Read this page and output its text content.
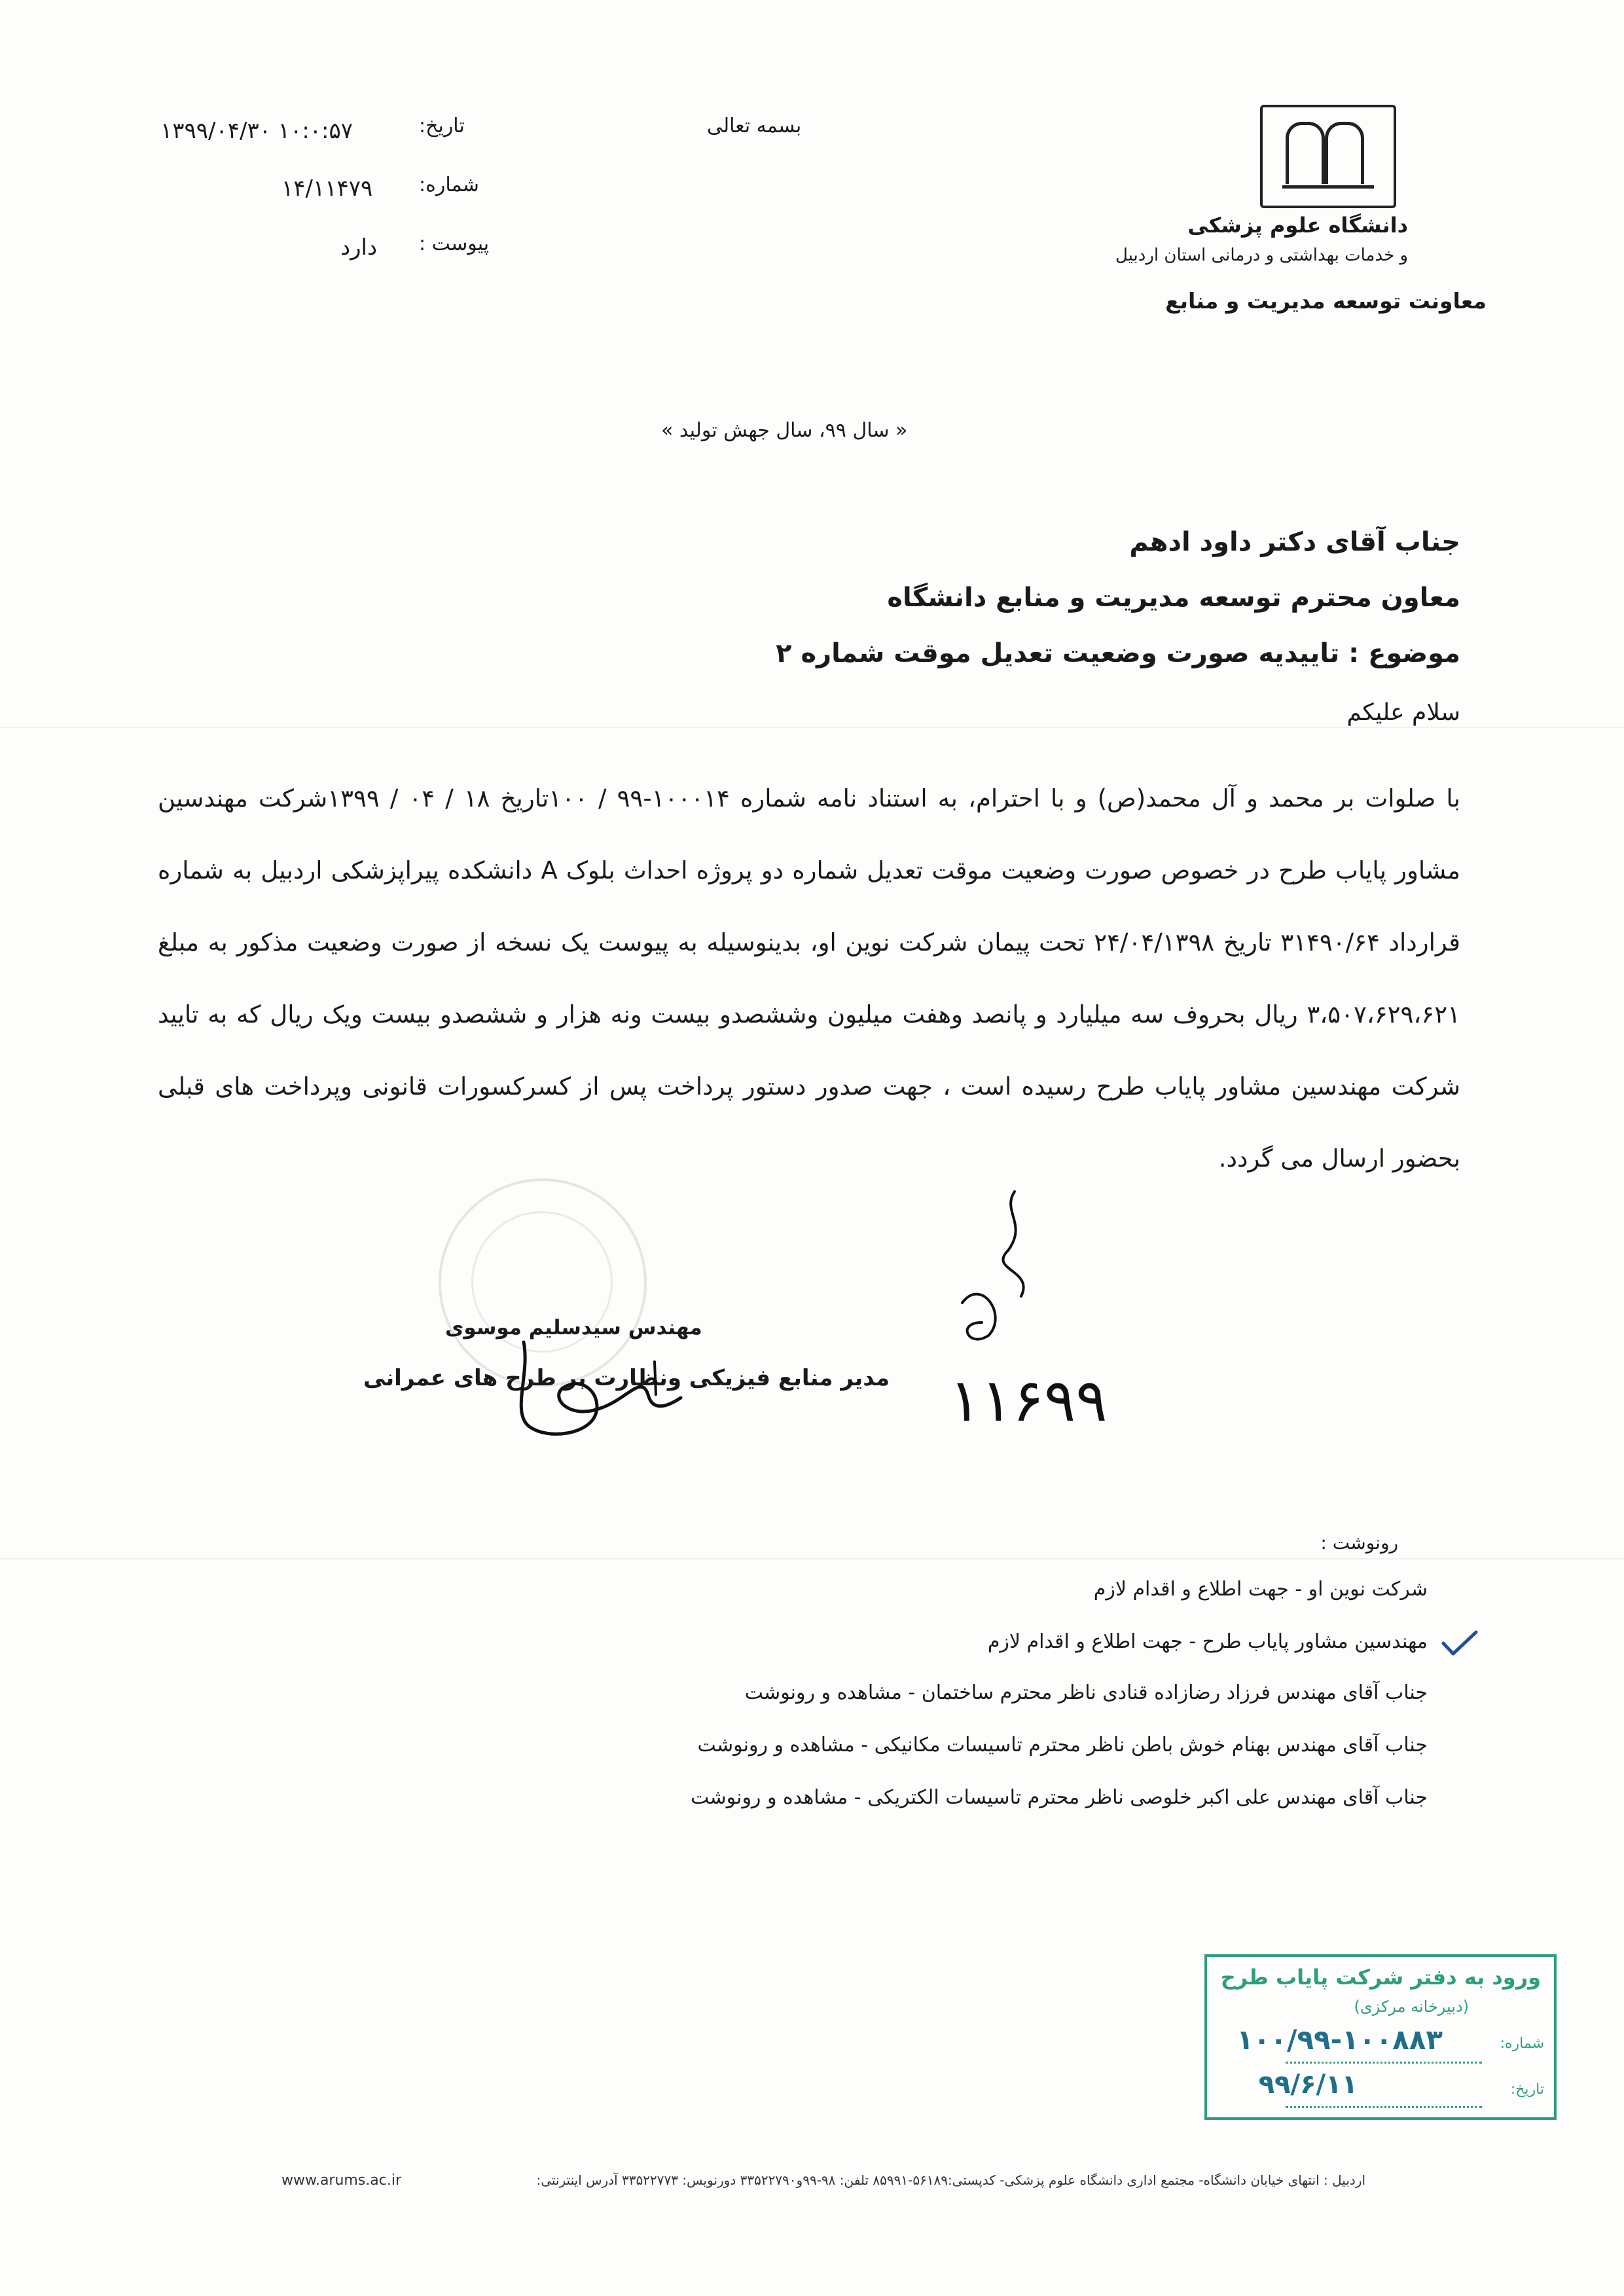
دانشگاه علوم پزشکی
و خدمات بهداشتی و درمانی استان اردبیل
معاونت توسعه مدیریت و منابع
بسمه تعالی
تاریخ:
۱۳۹۹/۰۴/۳۰ ۱۰:۰:۵۷
شماره:
۱۴/۱۱۴۷۹
پیوست :
دارد
« سال ۹۹، سال جهش تولید »
جناب آقای دکتر داود ادهم
معاون محترم توسعه مدیریت و منابع دانشگاه
موضوع : تاییدیه صورت وضعیت تعدیل موقت شماره ۲
سلام علیکم
با صلوات بر محمد و آل محمد(ص) و با احترام، به استناد نامه شماره ۱۰۰۰۱۴-۹۹ / ۱۰۰تاریخ ۱۸ / ۰۴ / ۱۳۹۹شرکت مهندسین مشاور پایاب طرح در خصوص صورت وضعیت موقت تعدیل شماره دو پروژه احداث بلوک A دانشکده پیراپزشکی اردبیل به شماره قرارداد ۳۱۴۹۰/۶۴ تاریخ ۲۴/۰۴/۱۳۹۸ تحت پیمان شرکت نوین او، بدینوسیله به پیوست یک نسخه از صورت وضعیت مذکور به مبلغ ۳،۵۰۷،۶۲۹،۶۲۱ ریال بحروف سه میلیارد و پانصد وهفت میلیون وششصدو بیست ونه هزار و ششصدو بیست ویک ریال که به تایید شرکت مهندسین مشاور پایاب طرح رسیده است ، جهت صدور دستور پرداخت پس از کسرکسورات قانونی وپرداخت های قبلی بحضور ارسال می گردد.
مهندس سیدسلیم موسوی
مدیر منابع فیزیکی ونظارت بر طرح های عمرانی ۱۱۶۹۹
رونوشت :
شرکت نوین او - جهت اطلاع و اقدام لازم
مهندسین مشاور پایاب طرح - جهت اطلاع و اقدام لازم
جناب آقای مهندس فرزاد رضازاده قنادی ناظر محترم ساختمان - مشاهده و رونوشت
جناب آقای مهندس بهنام خوش باطن ناظر محترم تاسیسات مکانیکی - مشاهده و رونوشت
جناب آقای مهندس علی اکبر خلوصی ناظر محترم تاسیسات الکتریکی - مشاهده و رونوشت
ورود به دفتر شرکت پایاب طرح
(دبیرخانه مرکزی)
شماره:
۱۰۰/۹۹-۱۰۰۸۸۳
تاریخ:
۹۹/۶/۱۱
اردبیل : انتهای خیابان دانشگاه- مجتمع اداری دانشگاه علوم پزشکی- کدپستی:۵۶۱۸۹-۸۵۹۹۱ تلفن: ۹۸-۹۹و۳۳۵۲۲۷۹۰ دورنویس: ۳۳۵۲۲۷۷۳ آدرس اینترنتی:
www.arums.ac.ir
